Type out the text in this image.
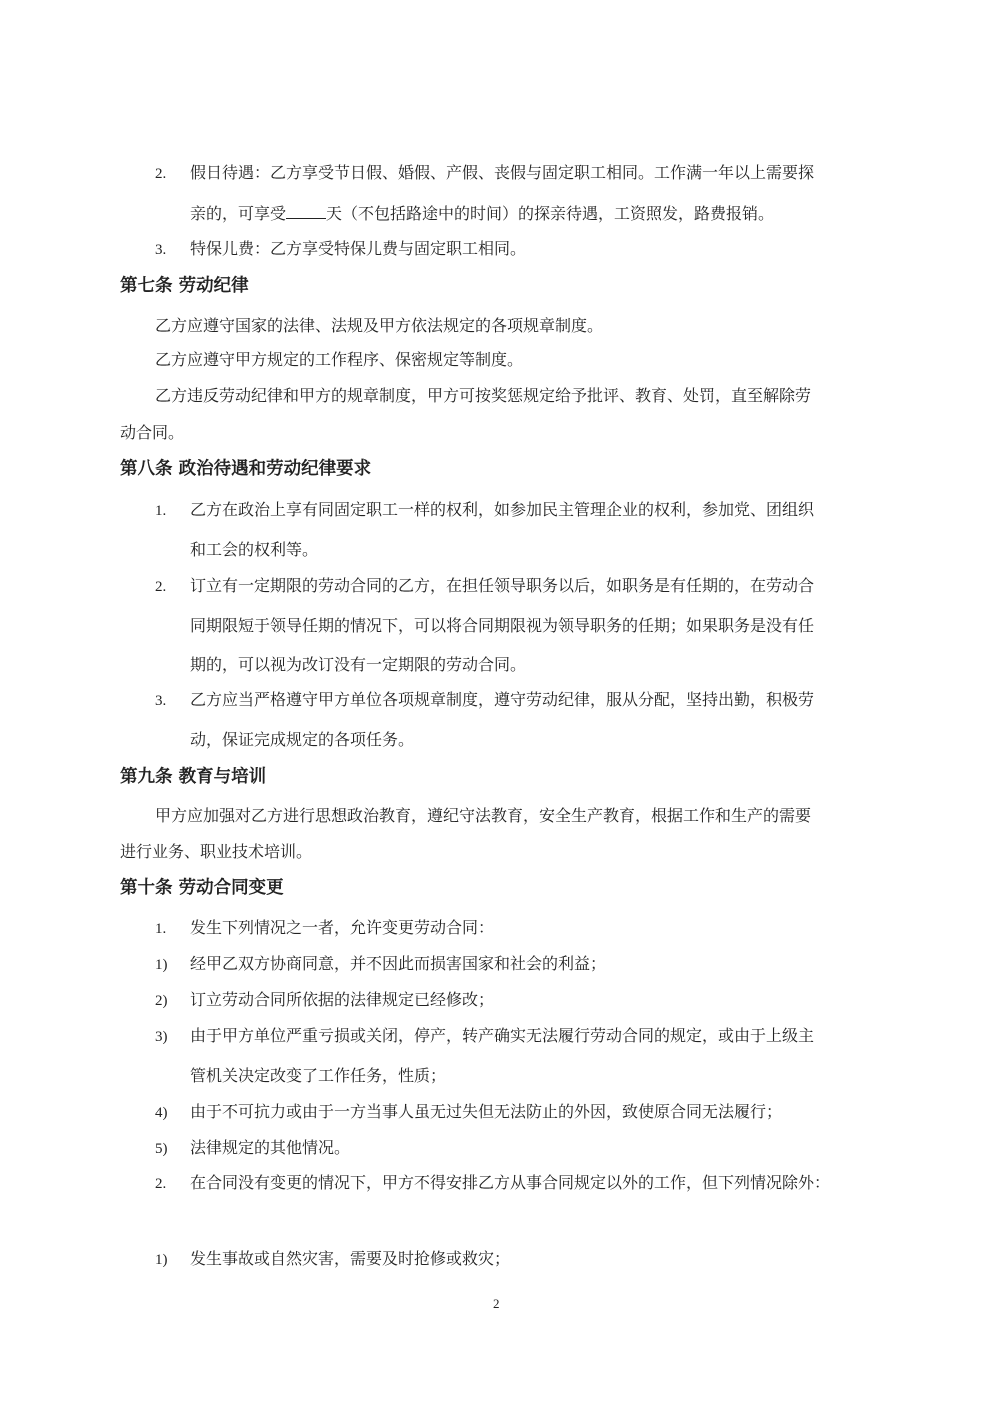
2. 假日待遇：乙方享受节日假、婚假、产假、丧假与固定职工相同。工作满一年以上需要探
亲的，可享受	天（不包括路途中的时间）的探亲待遇，工资照发，路费报销。
3. 特保儿费：乙方享受特保儿费与固定职工相同。
第七条 劳动纪律
乙方应遵守国家的法律、法规及甲方依法规定的各项规章制度。
乙方应遵守甲方规定的工作程序、保密规定等制度。
乙方违反劳动纪律和甲方的规章制度，甲方可按奖惩规定给予批评、教育、处罚，直至解除劳
动合同。
第八条 政治待遇和劳动纪律要求
1. 乙方在政治上享有同固定职工一样的权利，如参加民主管理企业的权利，参加党、团组织
和工会的权利等。
2. 订立有一定期限的劳动合同的乙方，在担任领导职务以后，如职务是有任期的，在劳动合
同期限短于领导任期的情况下，可以将合同期限视为领导职务的任期；如果职务是没有任
期的，可以视为改订没有一定期限的劳动合同。
3. 乙方应当严格遵守甲方单位各项规章制度，遵守劳动纪律，服从分配，坚持出勤，积极劳
动，保证完成规定的各项任务。
第九条 教育与培训
甲方应加强对乙方进行思想政治教育，遵纪守法教育，安全生产教育，根据工作和生产的需要
进行业务、职业技术培训。
第十条 劳动合同变更
1. 发生下列情况之一者，允许变更劳动合同：
1) 经甲乙双方协商同意，并不因此而损害国家和社会的利益；
2) 订立劳动合同所依据的法律规定已经修改；
3) 由于甲方单位严重亏损或关闭，停产，转产确实无法履行劳动合同的规定，或由于上级主
管机关决定改变了工作任务，性质；
4) 由于不可抗力或由于一方当事人虽无过失但无法防止的外因，致使原合同无法履行；
5) 法律规定的其他情况。
2. 在合同没有变更的情况下，甲方不得安排乙方从事合同规定以外的工作，但下列情况除外：
1) 发生事故或自然灾害，需要及时抢修或救灾；
2
